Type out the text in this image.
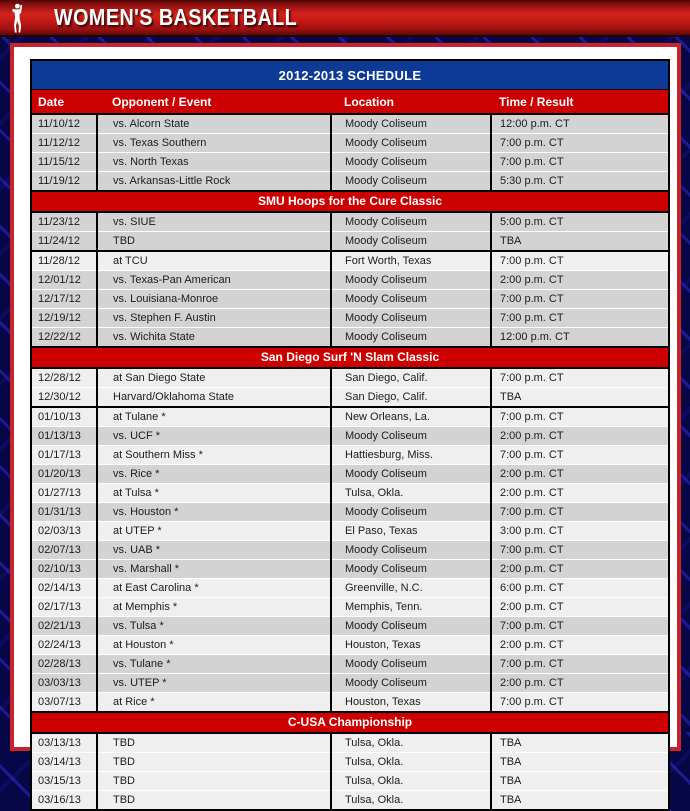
WOMEN'S BASKETBALL
2012-2013 SCHEDULE			
Date	Opponent / Event	Location	Time / Result
11/10/12	vs. Alcorn State	Moody Coliseum	12:00 p.m. CT
11/12/12	vs. Texas Southern	Moody Coliseum	7:00 p.m. CT
11/15/12	vs. North Texas	Moody Coliseum	7:00 p.m. CT
11/19/12	vs. Arkansas-Little Rock	Moody Coliseum	5:30 p.m. CT
SMU Hoops for the Cure Classic			
11/23/12	vs. SIUE	Moody Coliseum	5:00 p.m. CT
11/24/12	TBD	Moody Coliseum	TBA
11/28/12	at TCU	Fort Worth, Texas	7:00 p.m. CT
12/01/12	vs. Texas-Pan American	Moody Coliseum	2:00 p.m. CT
12/17/12	vs. Louisiana-Monroe	Moody Coliseum	7:00 p.m. CT
12/19/12	vs. Stephen F. Austin	Moody Coliseum	7:00 p.m. CT
12/22/12	vs. Wichita State	Moody Coliseum	12:00 p.m. CT
San Diego Surf 'N Slam Classic			
12/28/12	at San Diego State	San Diego, Calif.	7:00 p.m. CT
12/30/12	Harvard/Oklahoma State	San Diego, Calif.	TBA
01/10/13	at Tulane *	New Orleans, La.	7:00 p.m. CT
01/13/13	vs. UCF *	Moody Coliseum	2:00 p.m. CT
01/17/13	at Southern Miss *	Hattiesburg, Miss.	7:00 p.m. CT
01/20/13	vs. Rice *	Moody Coliseum	2:00 p.m. CT
01/27/13	at Tulsa *	Tulsa, Okla.	2:00 p.m. CT
01/31/13	vs. Houston *	Moody Coliseum	7:00 p.m. CT
02/03/13	at UTEP *	El Paso, Texas	3:00 p.m. CT
02/07/13	vs. UAB *	Moody Coliseum	7:00 p.m. CT
02/10/13	vs. Marshall *	Moody Coliseum	2:00 p.m. CT
02/14/13	at East Carolina *	Greenville, N.C.	6:00 p.m. CT
02/17/13	at Memphis *	Memphis, Tenn.	2:00 p.m. CT
02/21/13	vs. Tulsa *	Moody Coliseum	7:00 p.m. CT
02/24/13	at Houston *	Houston, Texas	2:00 p.m. CT
02/28/13	vs. Tulane *	Moody Coliseum	7:00 p.m. CT
03/03/13	vs. UTEP *	Moody Coliseum	2:00 p.m. CT
03/07/13	at Rice *	Houston, Texas	7:00 p.m. CT
C-USA Championship			
03/13/13	TBD	Tulsa, Okla.	TBA
03/14/13	TBD	Tulsa, Okla.	TBA
03/15/13	TBD	Tulsa, Okla.	TBA
03/16/13	TBD	Tulsa, Okla.	TBA
